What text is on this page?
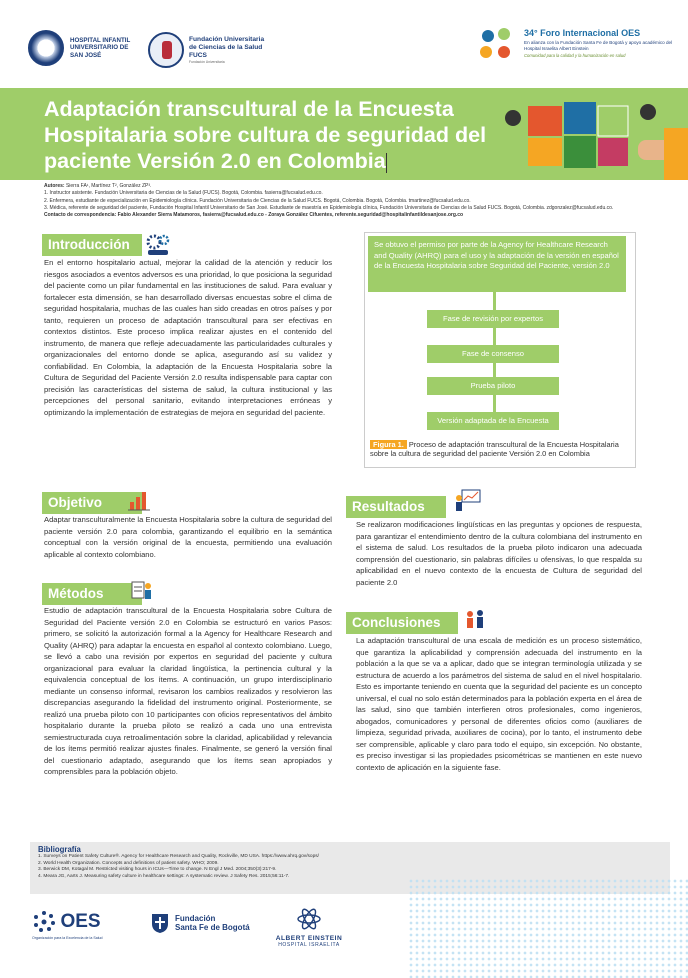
HOSPITAL INFANTIL UNIVERSITARIO DE SAN JOSÉ
Fundación Universitaria de Ciencias de la Salud
FUCS
Fundación Universitaria
34° Foro Internacional OES
En alianza con la Fundación Santa Fe de Bogotá y apoyo académico del Hospital Israelita Albert Einstein
Comunidad para la calidad y la humanización en salud
Adaptación transcultural de la Encuesta Hospitalaria sobre cultura de seguridad del paciente Versión 2.0 en Colombia
Autores: Sierra FA¹, Martínez T², González ZP³.
1. Instructor asistente. Fundación Universitaria de Ciencias de la Salud (FUCS). Bogotá, Colombia. fasierra@fucsalud.edu.co.
2. Enfermera, estudiante de especialización en Epidemiología clínica. Fundación Universitaria de Ciencias de la Salud FUCS. Bogotá, Colombia. Bogotá, Colombia. tmartinez@fucsalud.edu.co.
3. Médica, referente de seguridad del paciente, Fundación Hospital Infantil Universitario de San José. Estudiante de maestría en Epidemiología clínica, Fundación Universitaria de Ciencias de la Salud FUCS. Bogotá, Colombia. zdgonzalez@fucsalud.edu.co.
Contacto de correspondencia: Fabio Alexander Sierra Matamoros, fasierra@fucsalud.edu.co - Zoraya González Cifuentes, referente.seguridad@hospitalinfantildesanjose.org.co
Introducción
En el entorno hospitalario actual, mejorar la calidad de la atención y reducir los riesgos asociados a eventos adversos es una prioridad, lo que posiciona la seguridad del paciente como un pilar fundamental en las instituciones de salud. Para evaluar y fortalecer esta dimensión, se han desarrollado diversas encuestas sobre el clima de seguridad hospitalaria, muchas de las cuales han sido creadas en otros países y por tanto, requieren un proceso de adaptación transcultural para ser efectivas en contextos distintos. Este proceso implica realizar ajustes en el contenido del instrumento, de manera que refleje adecuadamente las particularidades culturales y organizacionales del entorno donde se aplica, asegurando así su validez y confiabilidad. En Colombia, la adaptación de la Encuesta Hospitalaria sobre la Cultura de Seguridad del Paciente Versión 2.0 resulta indispensable para captar con precisión las características del sistema de salud, la cultura institucional y las percepciones del personal sanitario, evitando interpretaciones erróneas y optimizando la implementación de estrategias de mejora en seguridad del paciente.
Objetivo
Adaptar transculturalmente la Encuesta Hospitalaria sobre la cultura de seguridad del paciente versión 2.0 para colombia, garantizando el equilibrio en la semántica conceptual con la versión original de la encuesta, permitiendo una evaluación aplicable al contexto colombiano.
Métodos
Estudio de adaptación transcultural de la Encuesta Hospitalaria sobre Cultura de Seguridad del Paciente versión 2.0 en Colombia se estructuró en varios Pasos: primero, se solicitó la autorización formal a la Agency for Healthcare Research and Quality (AHRQ) para adaptar la encuesta en español al contexto colombiano. Luego, se llevó a cabo una revisión por expertos en seguridad del paciente y cultura organizacional para evaluar la claridad lingüística, la pertinencia cultural y la equivalencia conceptual de los ítems. A continuación, un grupo interdisciplinario mediante un consenso informal, revisaron los cambios realizados y resolvieron las discrepancias asegurando la fidelidad del instrumento original. Posteriormente, se realizó una prueba piloto con 10 participantes con oficios representativos del ámbito hospitalario durante la prueba piloto se realizó a cada uno una entrevista semiestructurada cuya retroalimentación sobre la claridad, aplicabilidad y relevancia de los ítems permitió realizar ajustes finales. Finalmente, se generó la versión final del cuestionario adaptado, asegurando que los ítems sean apropiados y comprensibles para la población objeto.
Se obtuvo el permiso por parte de la Agency for Healthcare Research and Quality (AHRQ) para el uso y la adaptación de la versión en español de la Encuesta Hospitalaria sobre Seguridad del Paciente, versión 2.0
Fase de revisión por expertos
Fase de consenso
Prueba piloto
Versión adaptada de la Encuesta
Figura 1. Proceso de adaptación transcultural de la Encuesta Hospitalaria sobre la cultura de seguridad del paciente Versión 2.0 en Colombia
Resultados
Se realizaron modificaciones lingüísticas en las preguntas y opciones de respuesta, para garantizar el entendimiento dentro de la cultura colombiana del instrumento en el sistema de salud. Los resultados de la prueba piloto indicaron una adecuada comprensión del cuestionario, sin palabras difíciles u ofensivas, lo que respalda su aplicabilidad en el nuevo contexto de la encuesta de Cultura de seguridad del paciente 2.0
Conclusiones
La adaptación transcultural de una escala de medición es un proceso sistemático, que garantiza la aplicabilidad y comprensión adecuada del instrumento en la población a la que se va a aplicar, dado que se integran terminología utilizada y se estructura de acuerdo a los parámetros del sistema de salud en el nivel hospitalario. Esto es importante teniendo en cuenta que la seguridad del paciente es un concepto universal, el cual no solo están determinados para la población experta en el área de las salud, sino que también interfieren otros profesionales, como ingenieros, abogados, comunicadores y personal de diferentes oficios como (auxiliares de limpieza, seguridad privada, auxiliares de cocina), por lo tanto, el instrumento debe ser comprensible, aplicable y claro para todo el equipo, sin excepción. No obstante, es preciso investigar si las propiedades psicométricas se mantienen en este nuevo contexto de aplicación en la siguiente fase.
Bibliografía
1. Surveys on Patient Safety Culture®. Agency for Healthcare Research and Quality, Rockville, MD USA. https://www.ahrq.gov/sops/
2. World Health Organization. Concepts and definitions of patient safety. WHO; 2009.
3. Berwick DM, Kotagal M. Restricted visiting hours in ICUs—Time to change. N Engl J Med. 2004;350(3):217-9.
4. Meara JG, Aarts J. Measuring safety culture in healthcare settings: A systematic review. J Safety Res. 2015;56:11-7.
OES
Organización para la Excelencia de la Salud
Fundación
Santa Fe de Bogotá
ALBERT EINSTEIN
HOSPITAL ISRAELITA
